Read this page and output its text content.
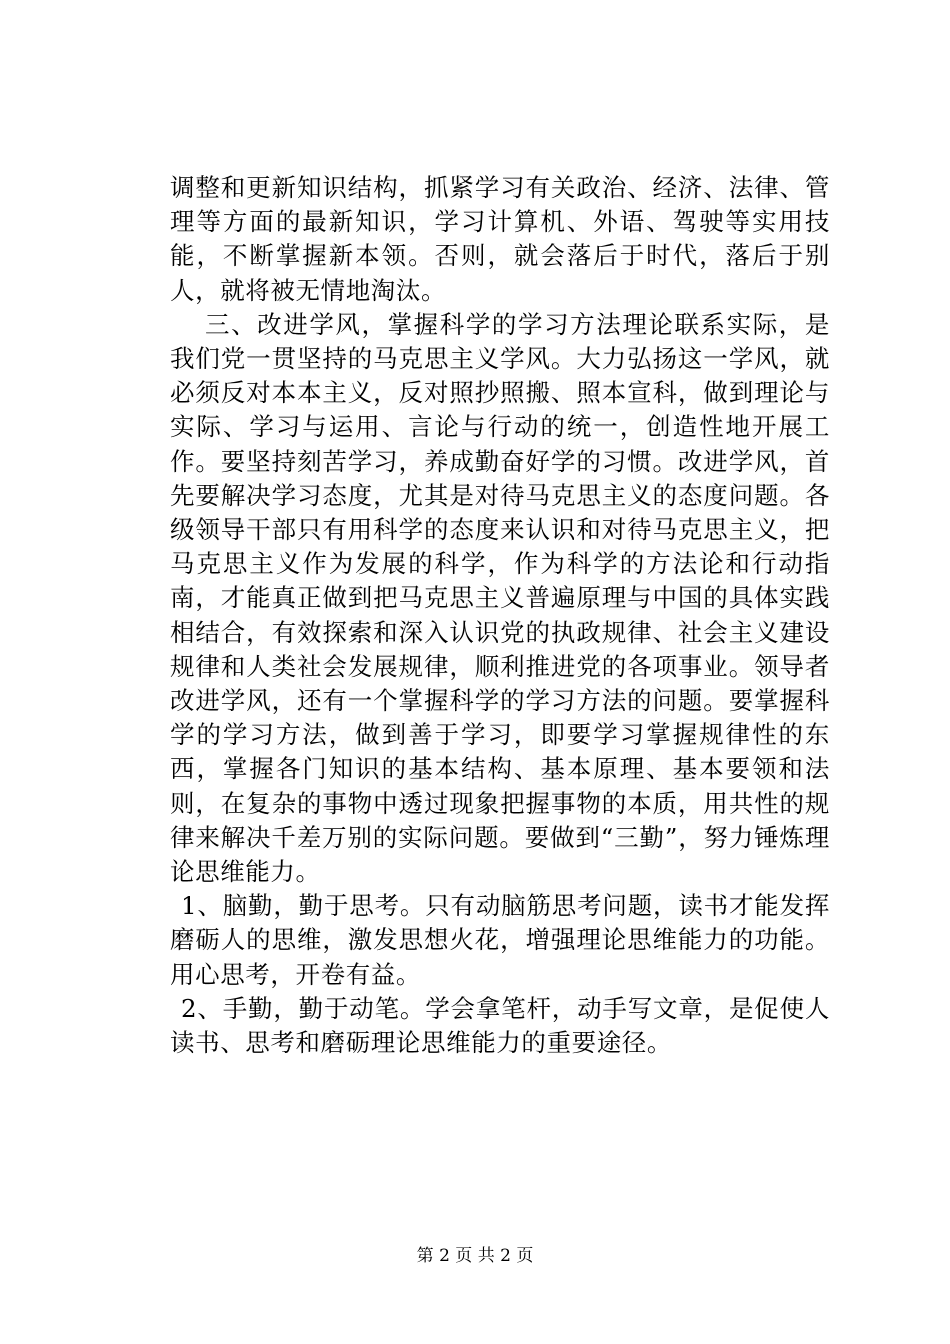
调整和更新知识结构，抓紧学习有关政治、经济、法律、管理等方面的最新知识，学习计算机、外语、驾驶等实用技能，不断掌握新本领。否则，就会落后于时代，落后于别人，就将被无情地淘汰。

三、改进学风，掌握科学的学习方法理论联系实际，是我们党一贯坚持的马克思主义学风。大力弘扬这一学风，就必须反对本本主义，反对照抄照搬、照本宣科，做到理论与实际、学习与运用、言论与行动的统一，创造性地开展工作。要坚持刻苦学习，养成勤奋好学的习惯。改进学风，首先要解决学习态度，尤其是对待马克思主义的态度问题。各级领导干部只有用科学的态度来认识和对待马克思主义，把马克思主义作为发展的科学，作为科学的方法论和行动指南，才能真正做到把马克思主义普遍原理与中国的具体实践相结合，有效探索和深入认识党的执政规律、社会主义建设规律和人类社会发展规律，顺利推进党的各项事业。领导者改进学风，还有一个掌握科学的学习方法的问题。要掌握科学的学习方法，做到善于学习，即要学习掌握规律性的东西，掌握各门知识的基本结构、基本原理、基本要领和法则，在复杂的事物中透过现象把握事物的本质，用共性的规律来解决千差万别的实际问题。要做到“三勤”，努力锤炼理论思维能力。

1、脑勤，勤于思考。只有动脑筋思考问题，读书才能发挥磨砺人的思维，激发思想火花，增强理论思维能力的功能。用心思考，开卷有益。

2、手勤，勤于动笔。学会拿笔杆，动手写文章，是促使人读书、思考和磨砺理论思维能力的重要途径。

第 2 页 共 2 页
